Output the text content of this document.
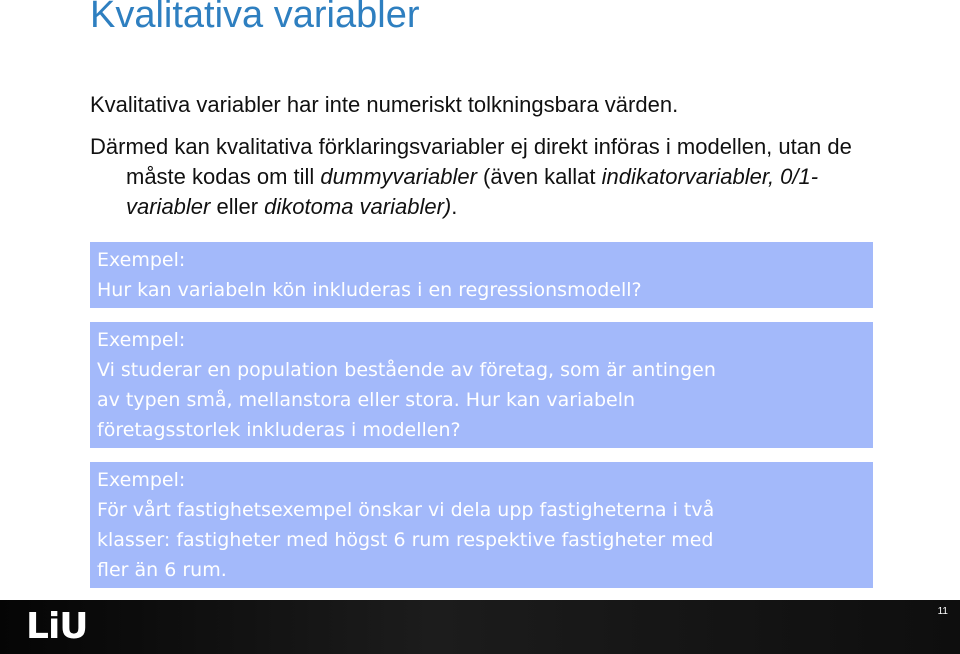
Kvalitativa variabler

Kvalitativa variabler har inte numeriskt tolkningsbara värden.

Därmed kan kvalitativa förklaringsvariabler ej direkt införas i modellen, utan de måste kodas om till dummyvariabler (även kallat indikatorvariabler, 0/1-variabler eller dikotoma variabler).

Exempel:
Hur kan variabeln kön inkluderas i en regressionsmodell?
Exempel:
Vi studerar en population bestående av företag, som är antingen
av typen små, mellanstora eller stora. Hur kan variabeln
företagsstorlek inkluderas i modellen?
Exempel:
För vårt fastighetsexempel önskar vi dela upp fastigheterna i två
klasser: fastigheter med högst 6 rum respektive fastigheter med
fler än 6 rum.
LiU	11
